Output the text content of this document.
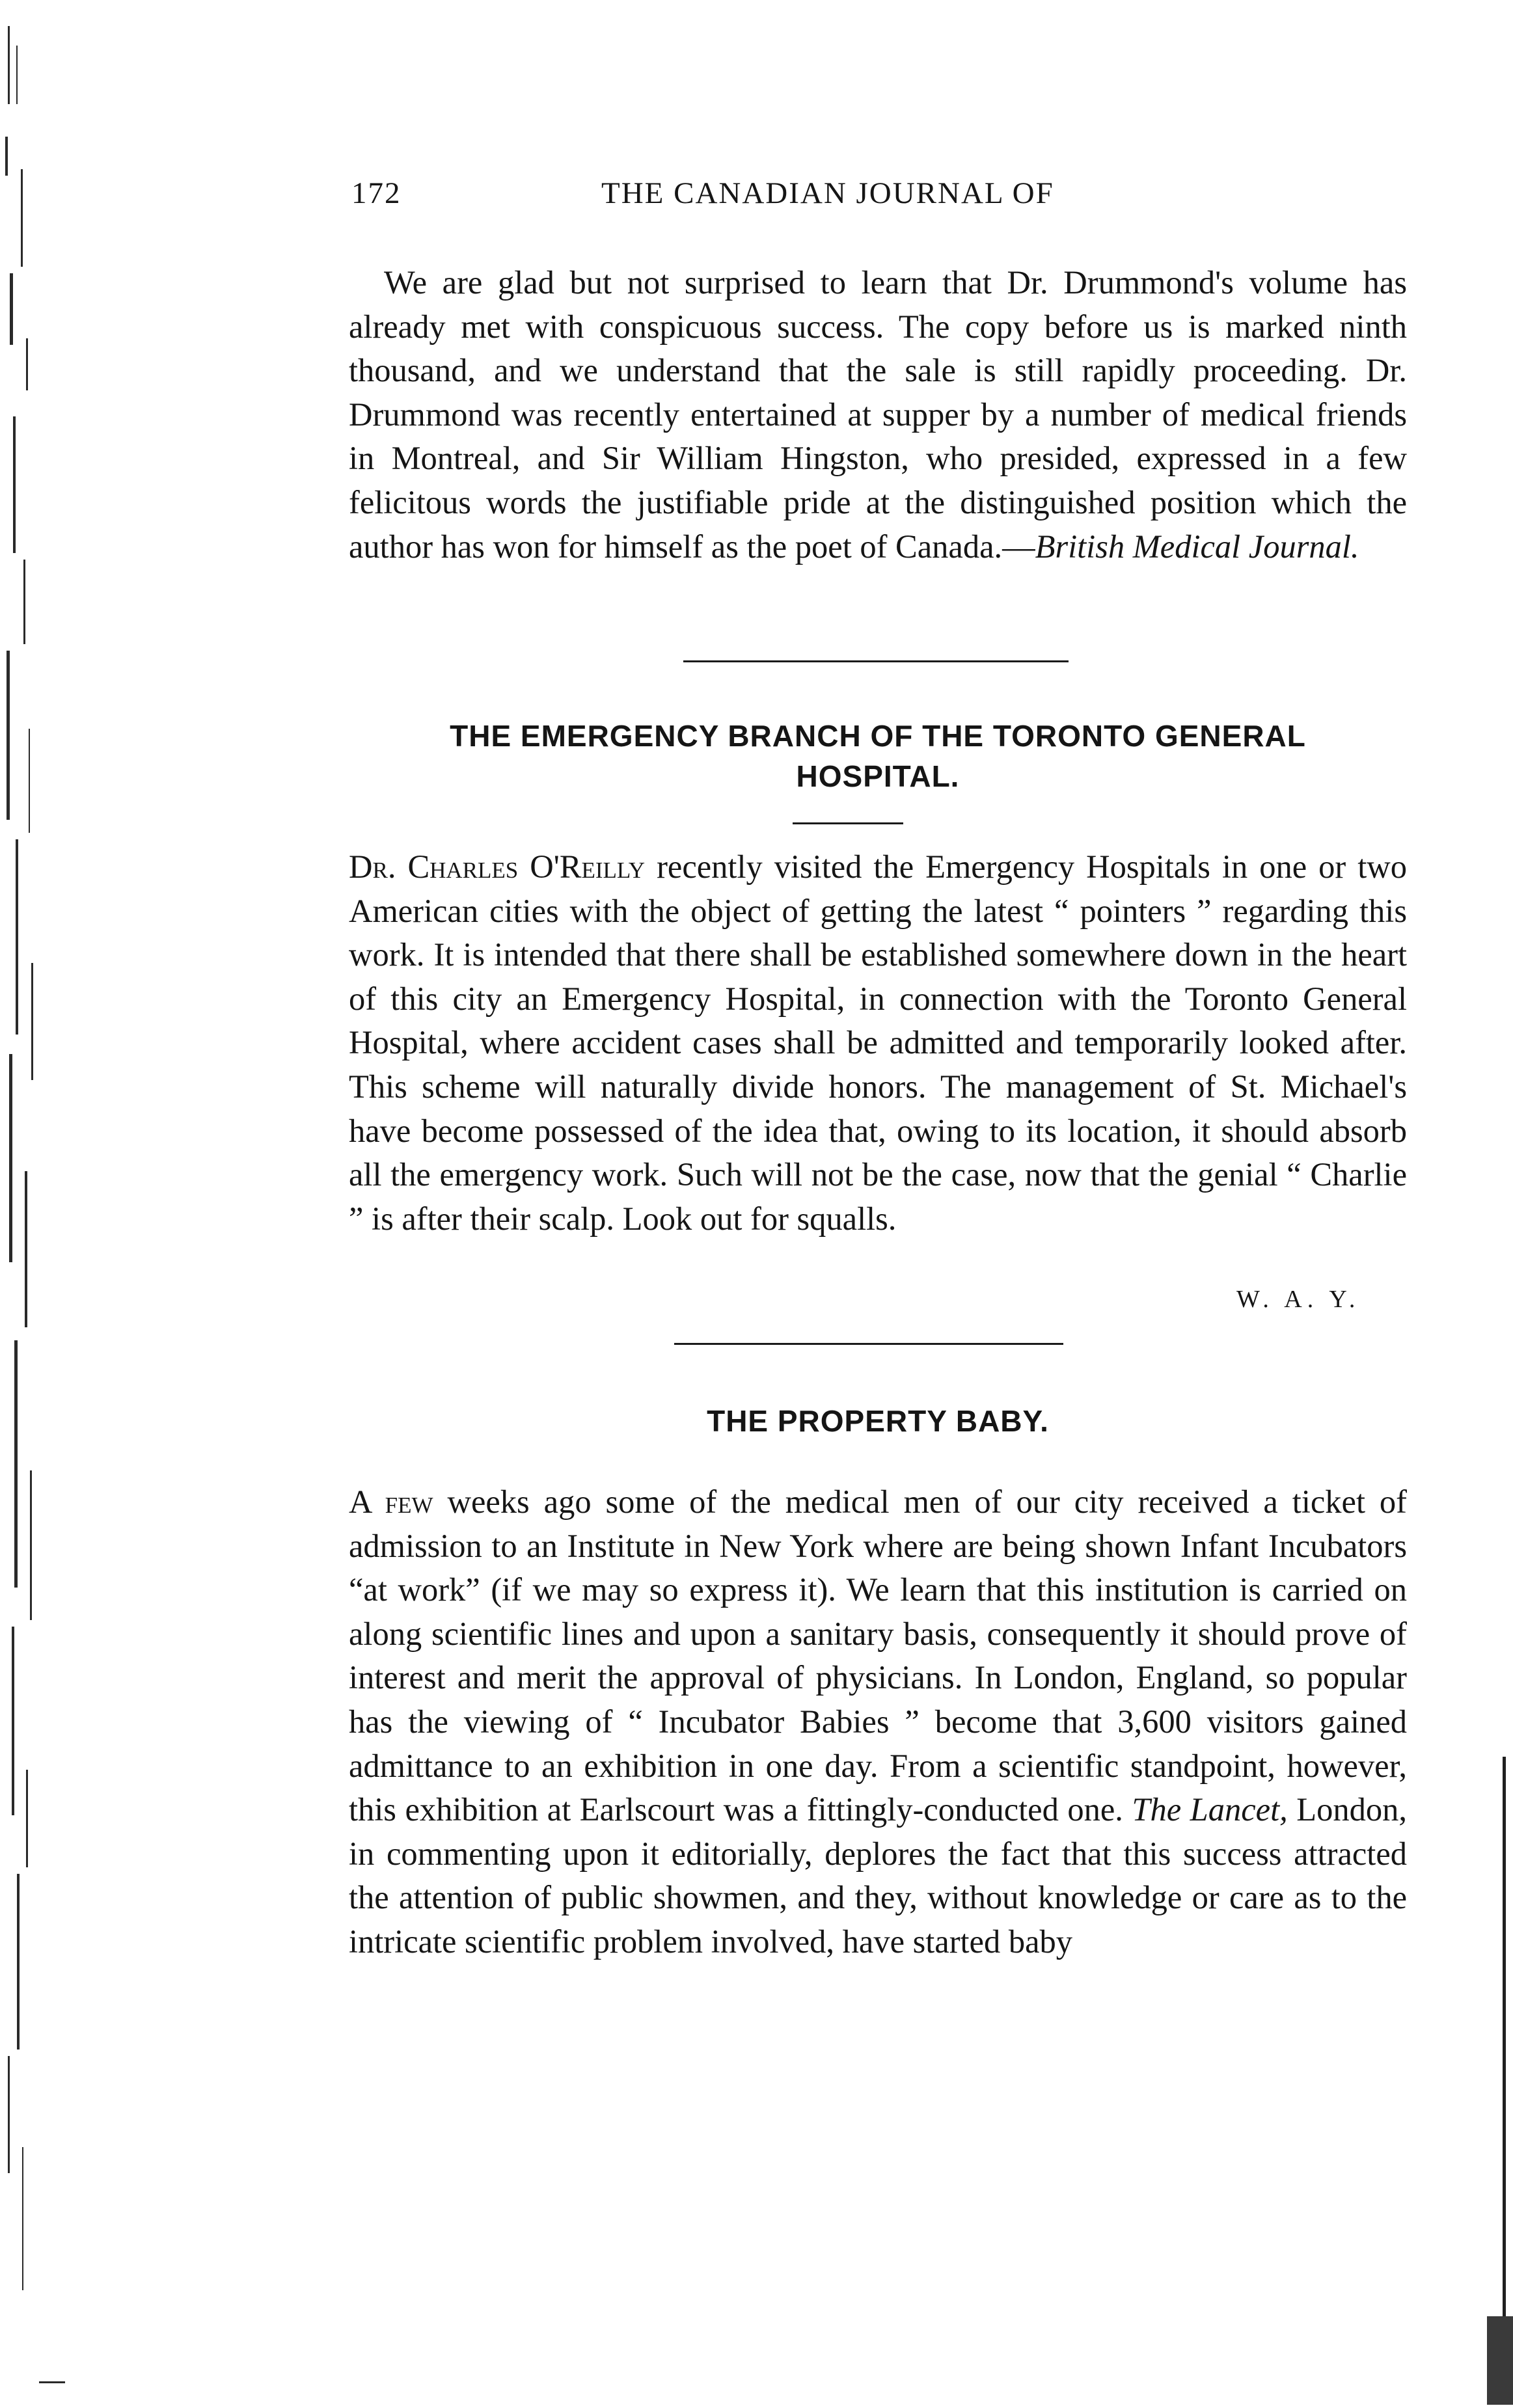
172	THE CANADIAN JOURNAL OF

We are glad but not surprised to learn that Dr. Drummond's volume has already met with conspicuous success. The copy before us is marked ninth thousand, and we understand that the sale is still rapidly proceeding. Dr. Drummond was recently entertained at supper by a number of medical friends in Montreal, and Sir William Hingston, who presided, expressed in a few felicitous words the justifiable pride at the distinguished position which the author has won for himself as the poet of Canada.—British Medical Journal.

THE EMERGENCY BRANCH OF THE TORONTO GENERAL
HOSPITAL.

Dr. Charles O'Reilly recently visited the Emergency Hospitals in one or two American cities with the object of getting the latest “ pointers ” regarding this work. It is intended that there shall be established somewhere down in the heart of this city an Emergency Hospital, in connection with the Toronto General Hospital, where accident cases shall be admitted and temporarily looked after. This scheme will naturally divide honors. The management of St. Michael's have become possessed of the idea that, owing to its location, it should absorb all the emergency work. Such will not be the case, now that the genial “ Charlie ” is after their scalp. Look out for squalls.

W. A. Y.
THE PROPERTY BABY.

A few weeks ago some of the medical men of our city received a ticket of admission to an Institute in New York where are being shown Infant Incubators “at work” (if we may so express it). We learn that this institution is carried on along scientific lines and upon a sanitary basis, consequently it should prove of interest and merit the approval of physicians. In London, England, so popular has the viewing of “ Incubator Babies ” become that 3,600 visitors gained admittance to an exhibition in one day. From a scientific standpoint, however, this exhibition at Earlscourt was a fittingly-conducted one. The Lancet, London, in commenting upon it editorially, deplores the fact that this success attracted the attention of public showmen, and they, without knowledge or care as to the intricate scientific problem involved, have started baby
